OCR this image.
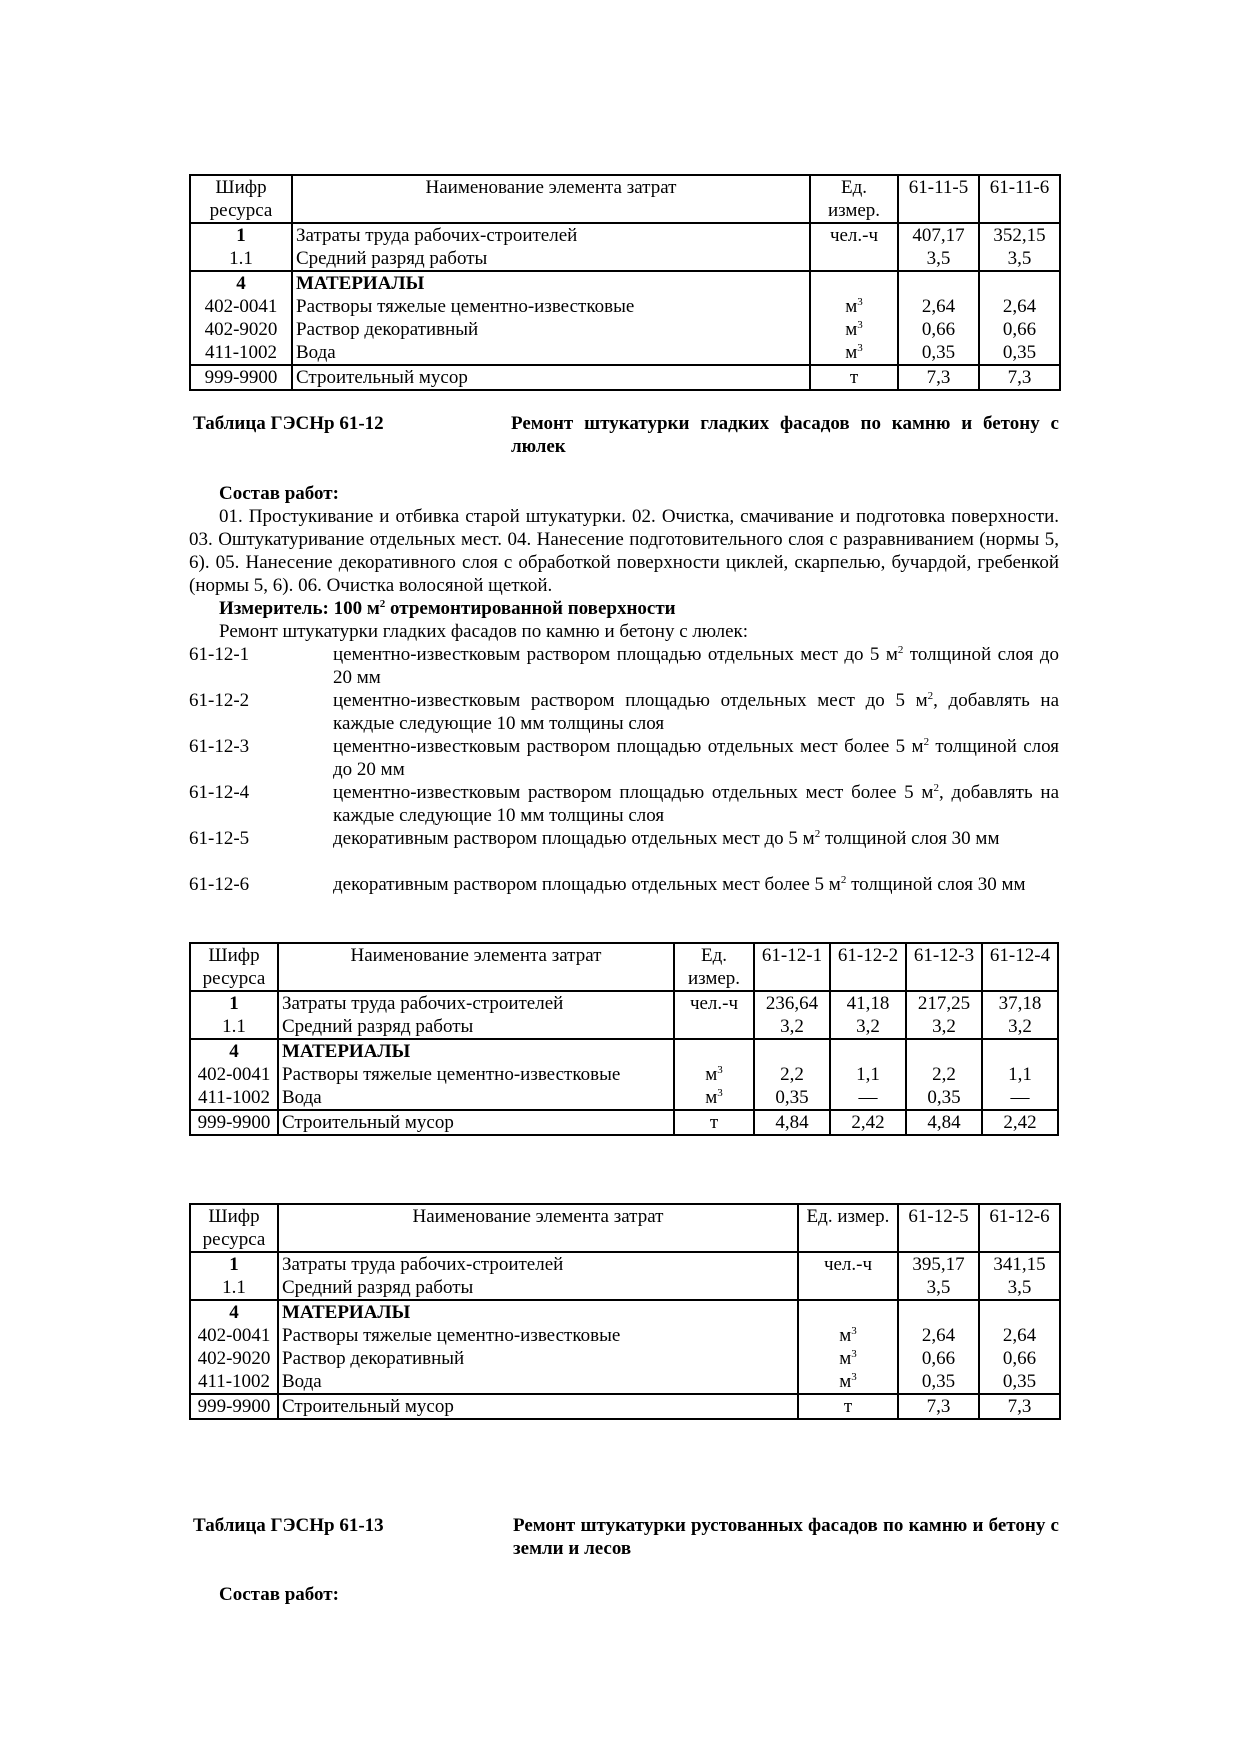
Шифр ресурса	Наименование элемента затрат	Ед. измер.	61-11-5	61-11-6
1	Затраты труда рабочих-строителей	чел.-ч	407,17	352,15
1.1	Средний разряд работы		3,5	3,5
4	МАТЕРИАЛЫ			
402-0041	Растворы тяжелые цементно-известковые	$м^3$	2,64	2,64
402-9020	Раствор декоративный	$м^3$	0,66	0,66
411-1002	Вода	$м^3$	0,35	0,35
999-9900	Строительный мусор	т	7,3	7,3
Таблица ГЭСНр 61-12	Ремонт штукатурки гладких фасадов по камню и бетону с люлек
Состав работ:
01. Простукивание и отбивка старой штукатурки. 02. Очистка, смачивание и подготовка поверхности. 03. Оштукатуривание отдельных мест. 04. Нанесение подготовительного слоя с разравниванием (нормы 5, 6). 05. Нанесение декоративного слоя с обработкой поверхности циклей, скарпелью, бучардой, гребенкой (нормы 5, 6). 06. Очистка волосяной щеткой.
Измеритель: 100 $м^2$ отремонтированной поверхности
Ремонт штукатурки гладких фасадов по камню и бетону с люлек:
61-12-1	цементно-известковым раствором площадью отдельных мест до 5 $м^2$ толщиной слоя до 20 мм
61-12-2	цементно-известковым раствором площадью отдельных мест до 5 $м^2$, добавлять на каждые следующие 10 мм толщины слоя
61-12-3	цементно-известковым раствором площадью отдельных мест более 5 $м^2$ толщиной слоя до 20 мм
61-12-4	цементно-известковым раствором площадью отдельных мест более 5 $м^2$, добавлять на каждые следующие 10 мм толщины слоя
61-12-5	декоративным раствором площадью отдельных мест до 5 $м^2$ толщиной слоя 30 мм
61-12-6	декоративным раствором площадью отдельных мест более 5 $м^2$ толщиной слоя 30 мм
Шифр ресурса	Наименование элемента затрат	Ед. измер.	61-12-1	61-12-2	61-12-3	61-12-4
1	Затраты труда рабочих-строителей	чел.-ч	236,64	41,18	217,25	37,18
1.1	Средний разряд работы		3,2	3,2	3,2	3,2
4	МАТЕРИАЛЫ					
402-0041	Растворы тяжелые цементно-известковые	$м^3$	2,2	1,1	2,2	1,1
411-1002	Вода	$м^3$	0,35	—	0,35	—
999-9900	Строительный мусор	т	4,84	2,42	4,84	2,42
Шифр ресурса	Наименование элемента затрат	Ед. измер.	61-12-5	61-12-6
1	Затраты труда рабочих-строителей	чел.-ч	395,17	341,15
1.1	Средний разряд работы		3,5	3,5
4	МАТЕРИАЛЫ			
402-0041	Растворы тяжелые цементно-известковые	$м^3$	2,64	2,64
402-9020	Раствор декоративный	$м^3$	0,66	0,66
411-1002	Вода	$м^3$	0,35	0,35
999-9900	Строительный мусор	т	7,3	7,3
Таблица ГЭСНр 61-13	Ремонт штукатурки рустованных фасадов по камню и бетону с земли и лесов
Состав работ:
